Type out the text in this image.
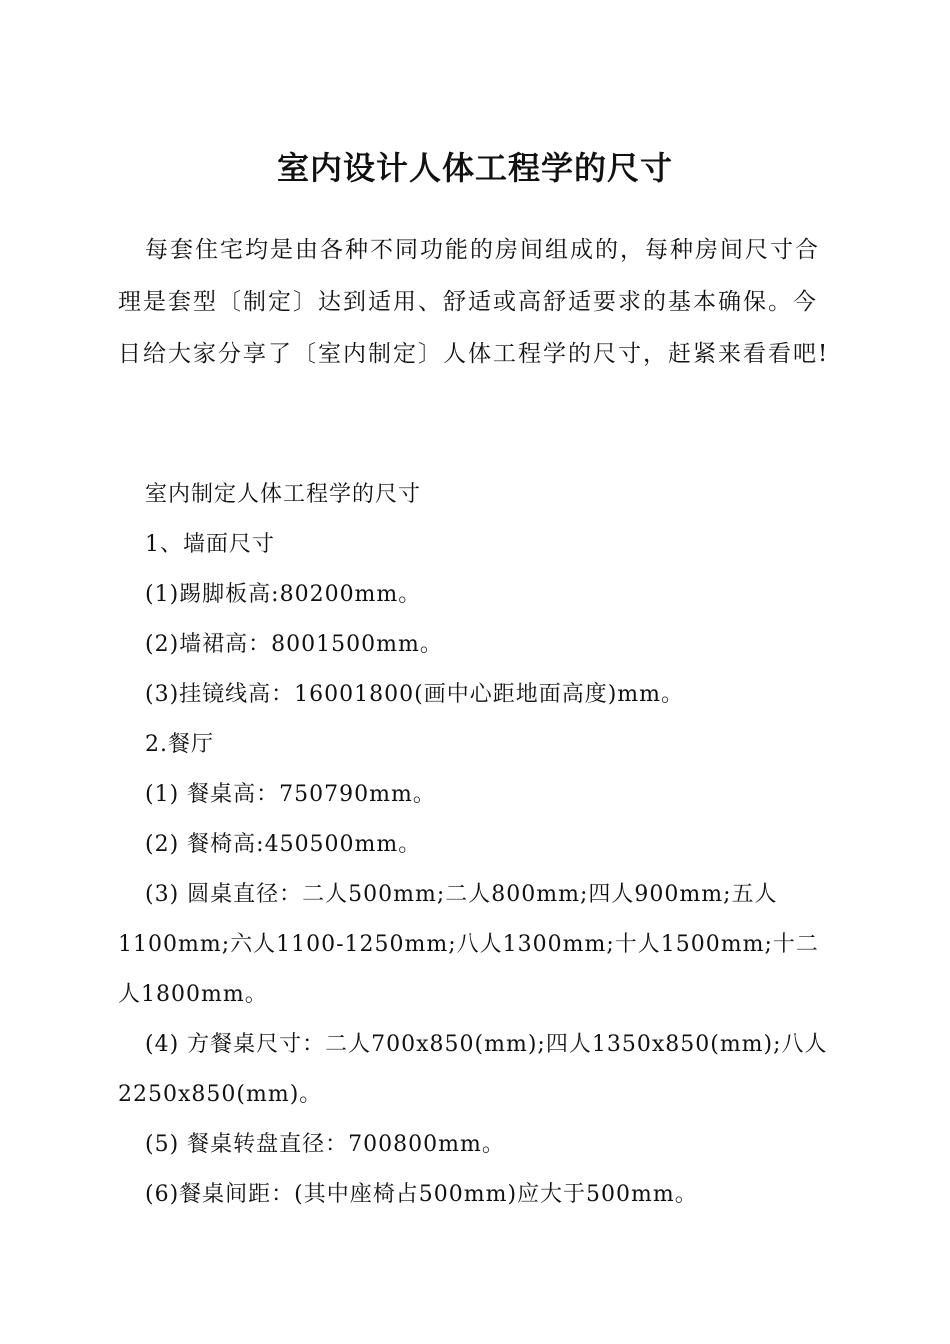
室内设计人体工程学的尺寸

每套住宅均是由各种不同功能的房间组成的，每种房间尺寸合理是套型〔制定〕达到适用、舒适或高舒适要求的基本确保。今日给大家分享了〔室内制定〕人体工程学的尺寸，赶紧来看看吧!

室内制定人体工程学的尺寸

1、墙面尺寸

(1)踢脚板高:80200mm。

(2)墙裙高：8001500mm。

(3)挂镜线高：16001800(画中心距地面高度)mm。

2.餐厅

(1) 餐桌高：750790mm。

(2) 餐椅高:450500mm。

(3) 圆桌直径：二人500mm;二人800mm;四人900mm;五人1100mm;六人1100-1250mm;八人1300mm;十人1500mm;十二人1800mm。

(4) 方餐桌尺寸：二人700x850(mm);四人1350x850(mm);八人2250x850(mm)。

(5) 餐桌转盘直径：700800mm。

(6)餐桌间距：(其中座椅占500mm)应大于500mm。
